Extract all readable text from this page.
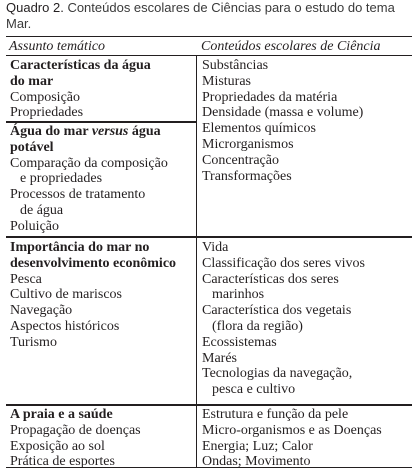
Quadro 2. Conteúdos escolares de Ciências para o estudo do tema Mar.
Assunto temático	Conteúdos escolares de Ciência
Características da água
do mar
Composição
Propriedades
Substâncias
Misturas
Propriedades da matéria
Densidade (massa e volume)
Elementos químicos
Microrganismos
Concentração
Transformações
Água do mar versus água
potável
Comparação da composição
e propriedades
Processos de tratamento
de água
Poluição
Importância do mar no
desenvolvimento econômico
Pesca
Cultivo de mariscos
Navegação
Aspectos históricos
Turismo
Vida
Classificação dos seres vivos
Características dos seres
marinhos
Característica dos vegetais
(flora da região)
Ecossistemas
Marés
Tecnologias da navegação,
pesca e cultivo
A praia e a saúde
Propagação de doenças
Exposição ao sol
Prática de esportes
Estrutura e função da pele
Micro-organismos e as Doenças
Energia; Luz; Calor
Ondas; Movimento
